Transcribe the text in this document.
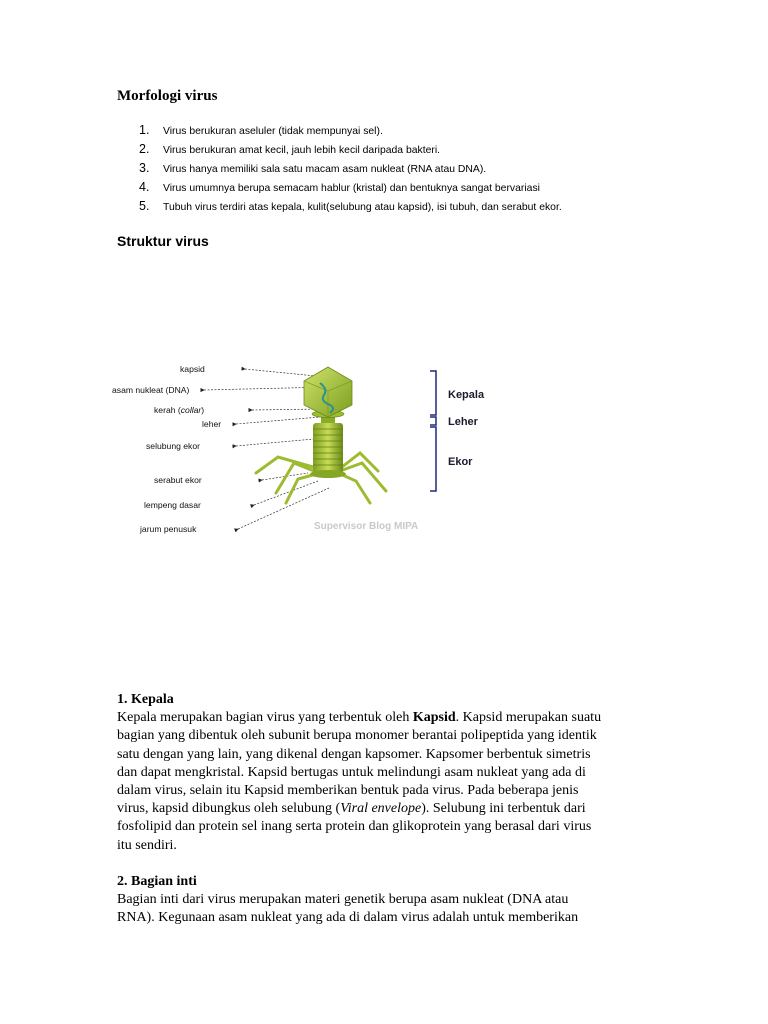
Morfologi virus
1.	Virus berukuran aseluler (tidak mempunyai sel).
2.	Virus berukuran amat kecil, jauh lebih kecil daripada bakteri.
3.	Virus hanya memiliki sala satu macam asam nukleat (RNA atau DNA).
4.	Virus umumnya berupa semacam hablur (kristal) dan bentuknya sangat bervariasi
5.	Tubuh virus terdiri atas kepala, kulit(selubung atau kapsid), isi tubuh, dan serabut ekor.
Struktur virus
kapsid
asam nukleat (DNA)
kerah (collar)
leher
selubung ekor
serabut ekor
lempeng dasar
jarum penusuk
Kepala
Leher
Ekor
Supervisor Blog MIPA
1. Kepala
Kepala merupakan bagian virus yang terbentuk oleh Kapsid. Kapsid merupakan suatu
bagian yang dibentuk oleh subunit berupa monomer berantai polipeptida yang identik
satu dengan yang lain, yang dikenal dengan kapsomer. Kapsomer berbentuk simetris
dan dapat mengkristal. Kapsid bertugas untuk melindungi asam nukleat yang ada di
dalam virus, selain itu Kapsid memberikan bentuk pada virus. Pada beberapa jenis
virus, kapsid dibungkus oleh selubung (Viral envelope). Selubung ini terbentuk dari
fosfolipid dan protein sel inang serta protein dan glikoprotein yang berasal dari virus
itu sendiri.
2. Bagian inti
Bagian inti dari virus merupakan materi genetik berupa asam nukleat (DNA atau
RNA). Kegunaan asam nukleat yang ada di dalam virus adalah untuk memberikan
